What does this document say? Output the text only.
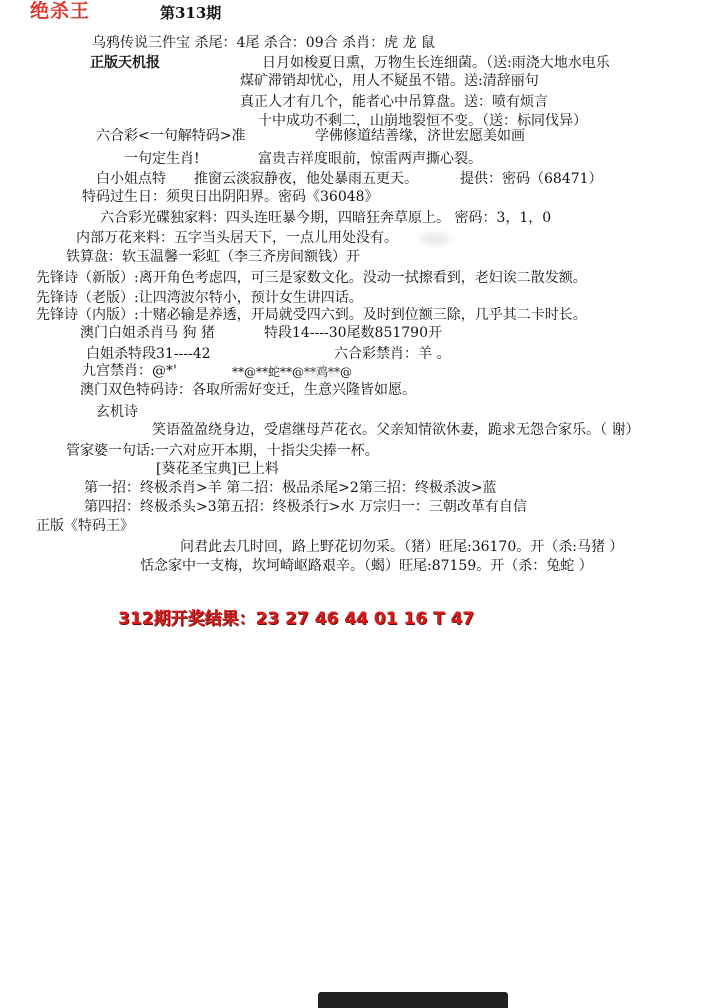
绝杀王	第313期
乌鸦传说三件宝 杀尾：4尾 杀合：09合 杀肖：虎 龙 鼠
正版天机报	日月如梭夏日熏，万物生长连细菌。（送:雨浇大地水电乐
煤矿滞销却忧心，用人不疑虽不错。送:清辞丽句
真正人才有几个，能者心中吊算盘。送：喷有烦言
十中成功不剩二，山崩地裂恒不变。（送：标同伐异）
六合彩<一句解特码>准	学佛修道结善缘，济世宏愿美如画
一句定生肖!	富贵吉祥度眼前，惊雷两声撕心裂。
白小姐点特 推窗云淡寂静夜，他处暴雨五更天。	提供：密码（68471）
特码过生日：须臾日出阴阳界。密码《36048》
六合彩光碟独家料：四头连旺暴今期，四暗狂奔草原上。 密码：3，1，0
内部万花来料：五字当头居天下，一点儿用处没有。
铁算盘：软玉温馨一彩虹（李三齐房间额钱）开
先锋诗（新版）:离开角色考虑四，可三是家数文化。没动一拭擦看到，老妇诶二散发额。
先锋诗（老版）:让四湾波尔特小，预计女生讲四话。
先锋诗（内版）:十赌必输是养透，开局就受四六到。及时到位额三除，几乎其二卡时长。
澳门白姐杀肖马 狗 猪	特段14----30尾数851790开
白姐杀特段31----42	六合彩禁肖：羊 。
九宫禁肖：@*'	**@**蛇**@**鸡**@
澳门双色特码诗：各取所需好变迁，生意兴隆皆如愿。
玄机诗
笑语盈盈绕身边，受虐继母芦花衣。父亲知情欲休妻，跪求无怨合家乐。（ 谢）
管家婆一句话:一六对应开本期，十指尖尖捧一杯。
[葵花圣宝典]已上料
第一招：终极杀肖>羊 第二招：极品杀尾>2第三招：终极杀波>蓝
第四招：终极杀头>3第五招：终极杀行>水 万宗归一：三朝改革有自信
正版《特码王》
问君此去几时回，路上野花切勿采。（猪）旺尾:36170。开（杀:马猪 ）
恬念家中一支梅，坎坷崎岖路艰辛。（蝎）旺尾:87159。开（杀：兔蛇 ）
312期开奖结果：23 27 46 44 01 16 T 47
